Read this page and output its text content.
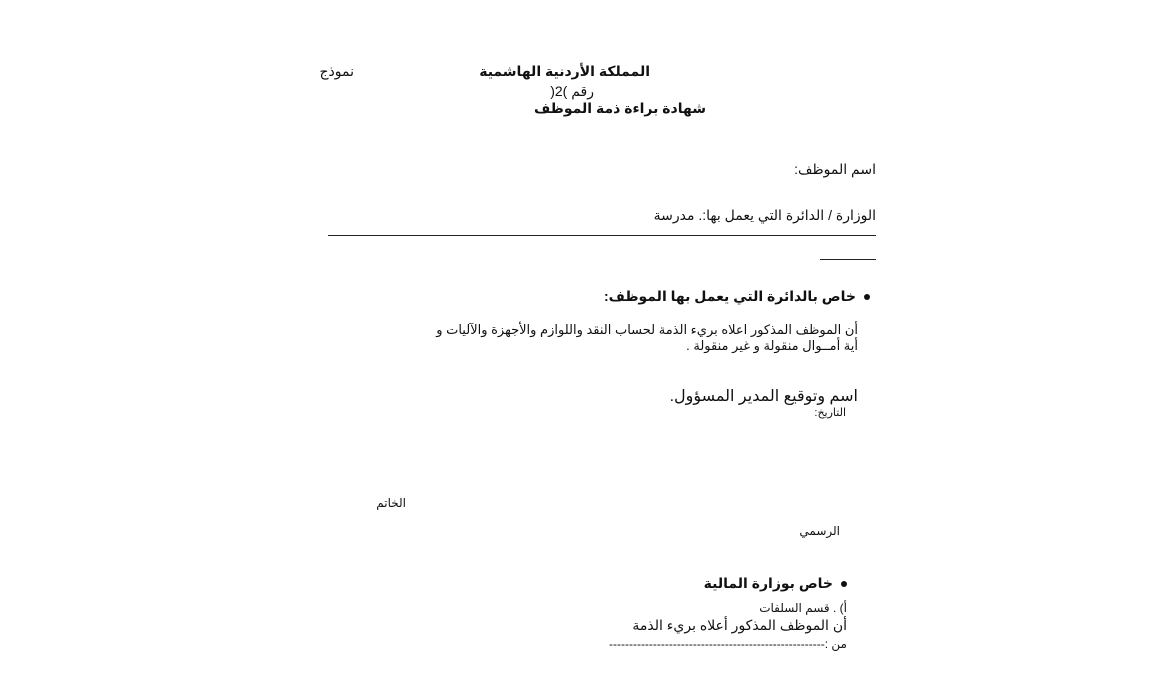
المملكة الأردنية الهاشمية
نموذج
رقم )2(
شهادة براءة ذمة الموظف
اسم الموظف:
الوزارة / الدائرة التي يعمل بها:. مدرسة
خاص بالدائرة التي يعمل بها الموظف:
أن الموظف المذكور اعلاه بريء الذمة لحساب النقد واللوازم والأجهزة والآليات و
أية أمــوال منقولة و غير منقولة .
اسم وتوقيع المدير المسؤول.
التاريخ:
الخاتم
الرسمي
خاص بوزارة المالية
أ) . قسم السلفات
أن الموظف المذكور أعلاه بريء الذمة
من :------------------------------------------------------
